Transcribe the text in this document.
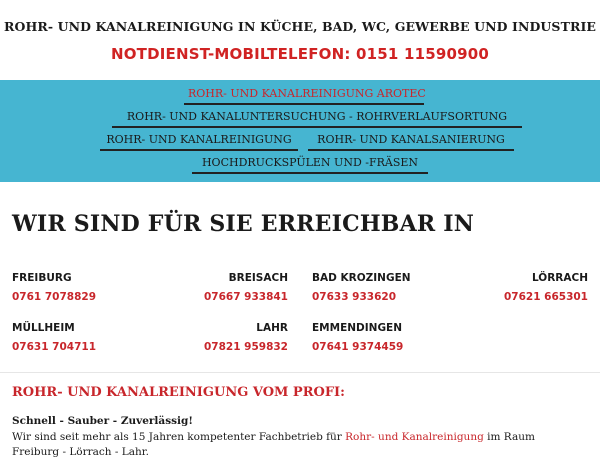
ROHR- UND KANALREINIGUNG IN KÜCHE, BAD, WC, GEWERBE UND INDUSTRIE
NOTDIENST-MOBILTELEFON: 0151 11590900
ROHR- UND KANALREINIGUNG AROTEC
ROHR- UND KANALUNTERSUCHUNG - ROHRVERLAUFSORTUNG
ROHR- UND KANALREINIGUNG	ROHR- UND KANALSANIERUNG
HOCHDRUCKSPÜLEN UND -FRÄSEN
WIR SIND FÜR SIE ERREICHBAR IN
FREIBURG
0761 7078829
BREISACH
07667 933841
BAD KROZINGEN
07633 933620
LÖRRACH
07621 665301
MÜLLHEIM
07631 704711
LAHR
07821 959832
EMMENDINGEN
07641 9374459
ROHR- UND KANALREINIGUNG VOM PROFI:

Schnell - Sauber - Zuverlässig!

Wir sind seit mehr als 15 Jahren kompetenter Fachbetrieb für Rohr- und Kanalreinigung im Raum Freiburg - Lörrach - Lahr.
